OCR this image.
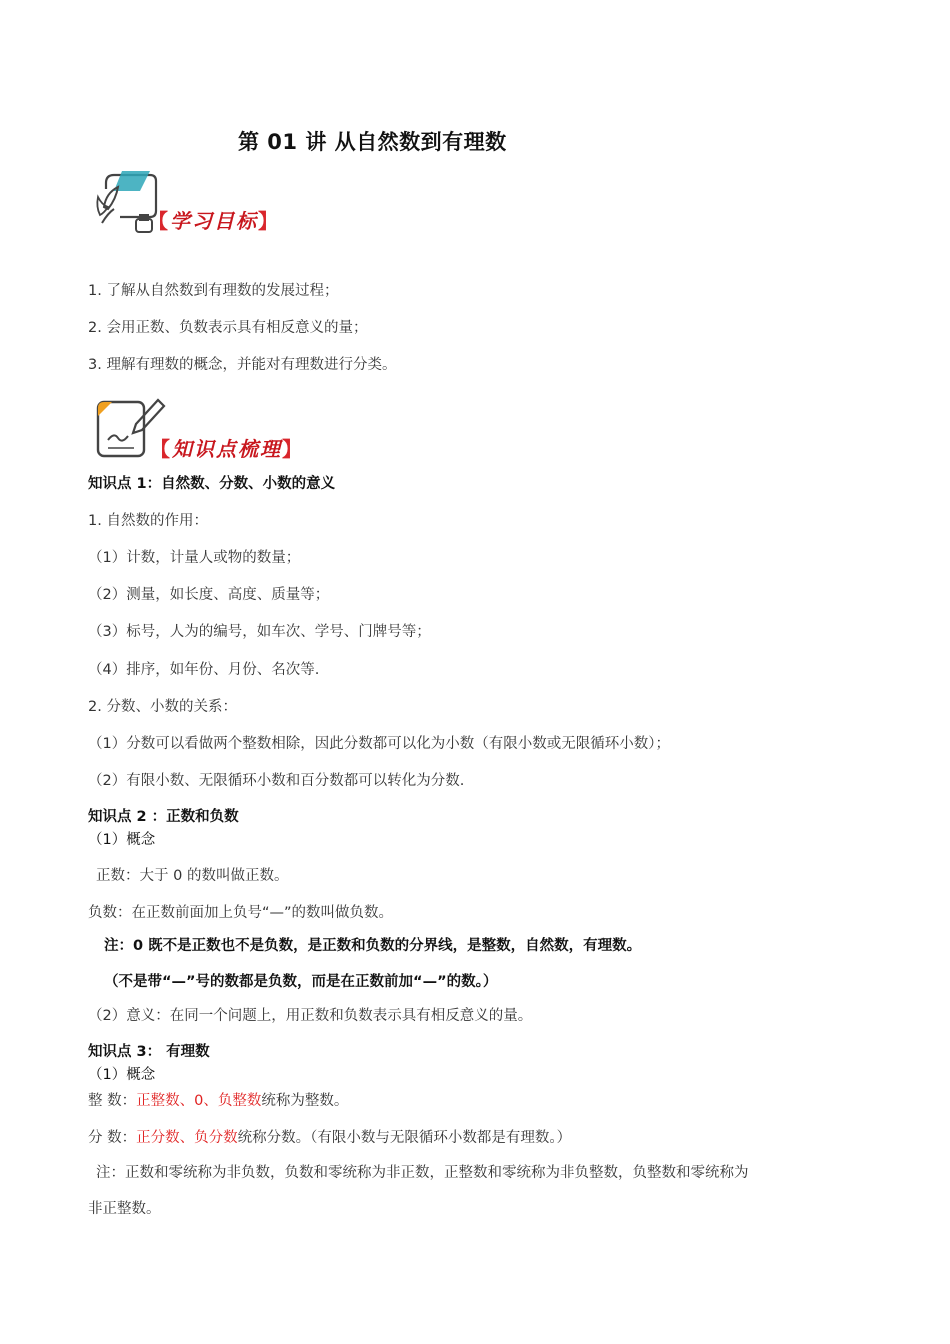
第 01 讲 从自然数到有理数
【学习目标】
1. 了解从自然数到有理数的发展过程；
2. 会用正数、负数表示具有相反意义的量；
3. 理解有理数的概念，并能对有理数进行分类。
【知识点梳理】
知识点 1：自然数、分数、小数的意义
1. 自然数的作用：
（1）计数，计量人或物的数量；
（2）测量，如长度、高度、质量等；
（3）标号，人为的编号，如车次、学号、门牌号等；
（4）排序，如年份、月份、名次等.
2. 分数、小数的关系：
（1）分数可以看做两个整数相除，因此分数都可以化为小数（有限小数或无限循环小数）；
（2）有限小数、无限循环小数和百分数都可以转化为分数.
知识点 2 ：正数和负数
（1）概念
正数：大于 0 的数叫做正数。
负数：在正数前面加上负号“—”的数叫做负数。
注：0 既不是正数也不是负数，是正数和负数的分界线，是整数，自然数，有理数。
（不是带“—”号的数都是负数，而是在正数前加“—”的数。）
（2）意义：在同一个问题上，用正数和负数表示具有相反意义的量。
知识点 3： 有理数
（1）概念
整 数：正整数、0、负整数统称为整数。
分 数：正分数、负分数统称分数。（有限小数与无限循环小数都是有理数。）
注：正数和零统称为非负数，负数和零统称为非正数，正整数和零统称为非负整数，负整数和零统称为
非正整数。
